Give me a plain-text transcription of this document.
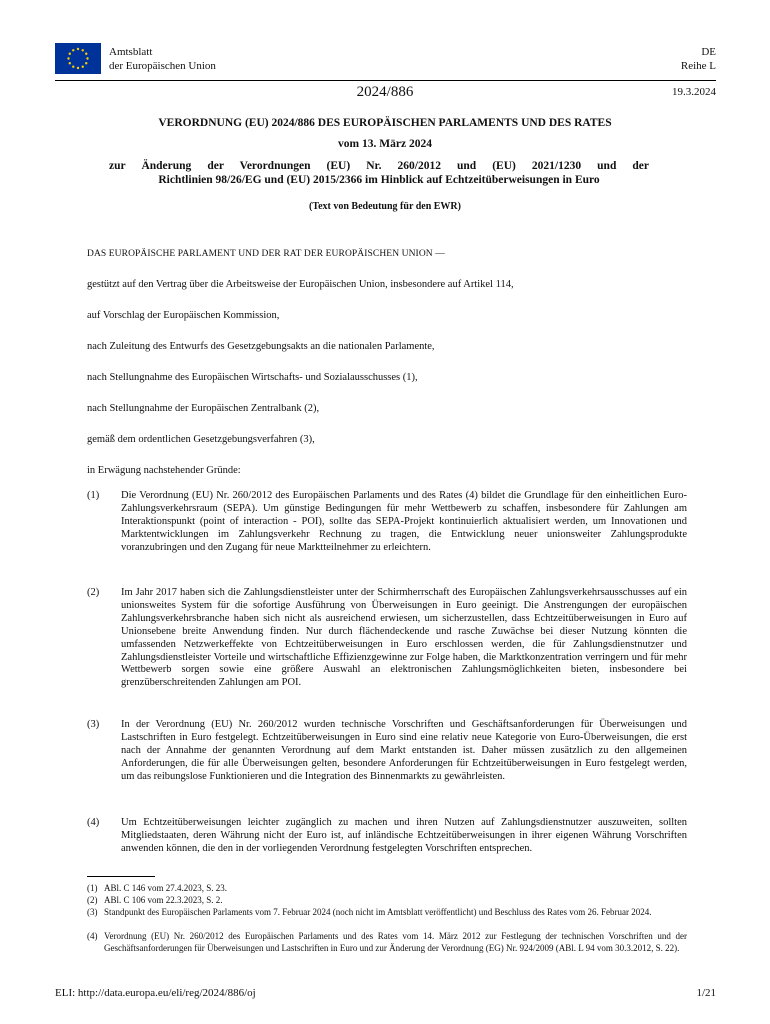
Amtsblatt
der Europäischen Union
DE
Reihe L
2024/886	19.3.2024
VERORDNUNG (EU) 2024/886 DES EUROPÄISCHEN PARLAMENTS UND DES RATES
vom 13. März 2024
zur Änderung der Verordnungen (EU) Nr. 260/2012 und (EU) 2021/1230 und der
Richtlinien 98/26/EG und (EU) 2015/2366 im Hinblick auf Echtzeitüberweisungen in Euro
(Text von Bedeutung für den EWR)
DAS EUROPÄISCHE PARLAMENT UND DER RAT DER EUROPÄISCHEN UNION —
gestützt auf den Vertrag über die Arbeitsweise der Europäischen Union, insbesondere auf Artikel 114,
auf Vorschlag der Europäischen Kommission,
nach Zuleitung des Entwurfs des Gesetzgebungsakts an die nationalen Parlamente,
nach Stellungnahme des Europäischen Wirtschafts- und Sozialausschusses (1),
nach Stellungnahme der Europäischen Zentralbank (2),
gemäß dem ordentlichen Gesetzgebungsverfahren (3),
in Erwägung nachstehender Gründe:
(1)	Die Verordnung (EU) Nr. 260/2012 des Europäischen Parlaments und des Rates (4) bildet die Grundlage für den einheitlichen Euro-Zahlungsverkehrsraum (SEPA). Um günstige Bedingungen für mehr Wettbewerb zu schaffen, insbesondere für Zahlungen am Interaktionspunkt (point of interaction - POI), sollte das SEPA-Projekt kontinuierlich aktualisiert werden, um Innovationen und Marktentwicklungen im Zahlungsverkehr Rechnung zu tragen, die Entwicklung neuer unionsweiter Zahlungsprodukte voranzubringen und den Zugang für neue Marktteilnehmer zu erleichtern.
(2)	Im Jahr 2017 haben sich die Zahlungsdienstleister unter der Schirmherrschaft des Europäischen Zahlungsverkehrsausschusses auf ein unionsweites System für die sofortige Ausführung von Überweisungen in Euro geeinigt. Die Anstrengungen der europäischen Zahlungsverkehrsbranche haben sich nicht als ausreichend erwiesen, um sicherzustellen, dass Echtzeitüberweisungen in Euro auf Unionsebene breite Anwendung finden. Nur durch flächendeckende und rasche Zuwächse bei dieser Nutzung könnten die umfassenden Netzwerkeffekte von Echtzeitüberweisungen in Euro erschlossen werden, die für Zahlungsdienstnutzer und Zahlungsdienstleister Vorteile und wirtschaftliche Effizienzgewinne zur Folge haben, die Marktkonzentration verringern und für mehr Wettbewerb sorgen sowie eine größere Auswahl an elektronischen Zahlungsmöglichkeiten bieten, insbesondere bei grenzüberschreitenden Zahlungen am POI.
(3)	In der Verordnung (EU) Nr. 260/2012 wurden technische Vorschriften und Geschäftsanforderungen für Überweisungen und Lastschriften in Euro festgelegt. Echtzeitüberweisungen in Euro sind eine relativ neue Kategorie von Euro-Überweisungen, die erst nach der Annahme der genannten Verordnung auf dem Markt entstanden ist. Daher müssen zusätzlich zu den allgemeinen Anforderungen, die für alle Überweisungen gelten, besondere Anforderungen für Echtzeitüberweisungen in Euro festgelegt werden, um das reibungslose Funktionieren und die Integration des Binnenmarkts zu gewährleisten.
(4)	Um Echtzeitüberweisungen leichter zugänglich zu machen und ihren Nutzen auf Zahlungsdienstnutzer auszuweiten, sollten Mitgliedstaaten, deren Währung nicht der Euro ist, auf inländische Echtzeitüberweisungen in ihrer eigenen Währung Vorschriften anwenden können, die den in der vorliegenden Verordnung festgelegten Vorschriften entsprechen.
(1) ABl. C 146 vom 27.4.2023, S. 23.
(2) ABl. C 106 vom 22.3.2023, S. 2.
(3) Standpunkt des Europäischen Parlaments vom 7. Februar 2024 (noch nicht im Amtsblatt veröffentlicht) und Beschluss des Rates vom 26. Februar 2024.
(4) Verordnung (EU) Nr. 260/2012 des Europäischen Parlaments und des Rates vom 14. März 2012 zur Festlegung der technischen Vorschriften und der Geschäftsanforderungen für Überweisungen und Lastschriften in Euro und zur Änderung der Verordnung (EG) Nr. 924/2009 (ABl. L 94 vom 30.3.2012, S. 22).
ELI: http://data.europa.eu/eli/reg/2024/886/oj	1/21
